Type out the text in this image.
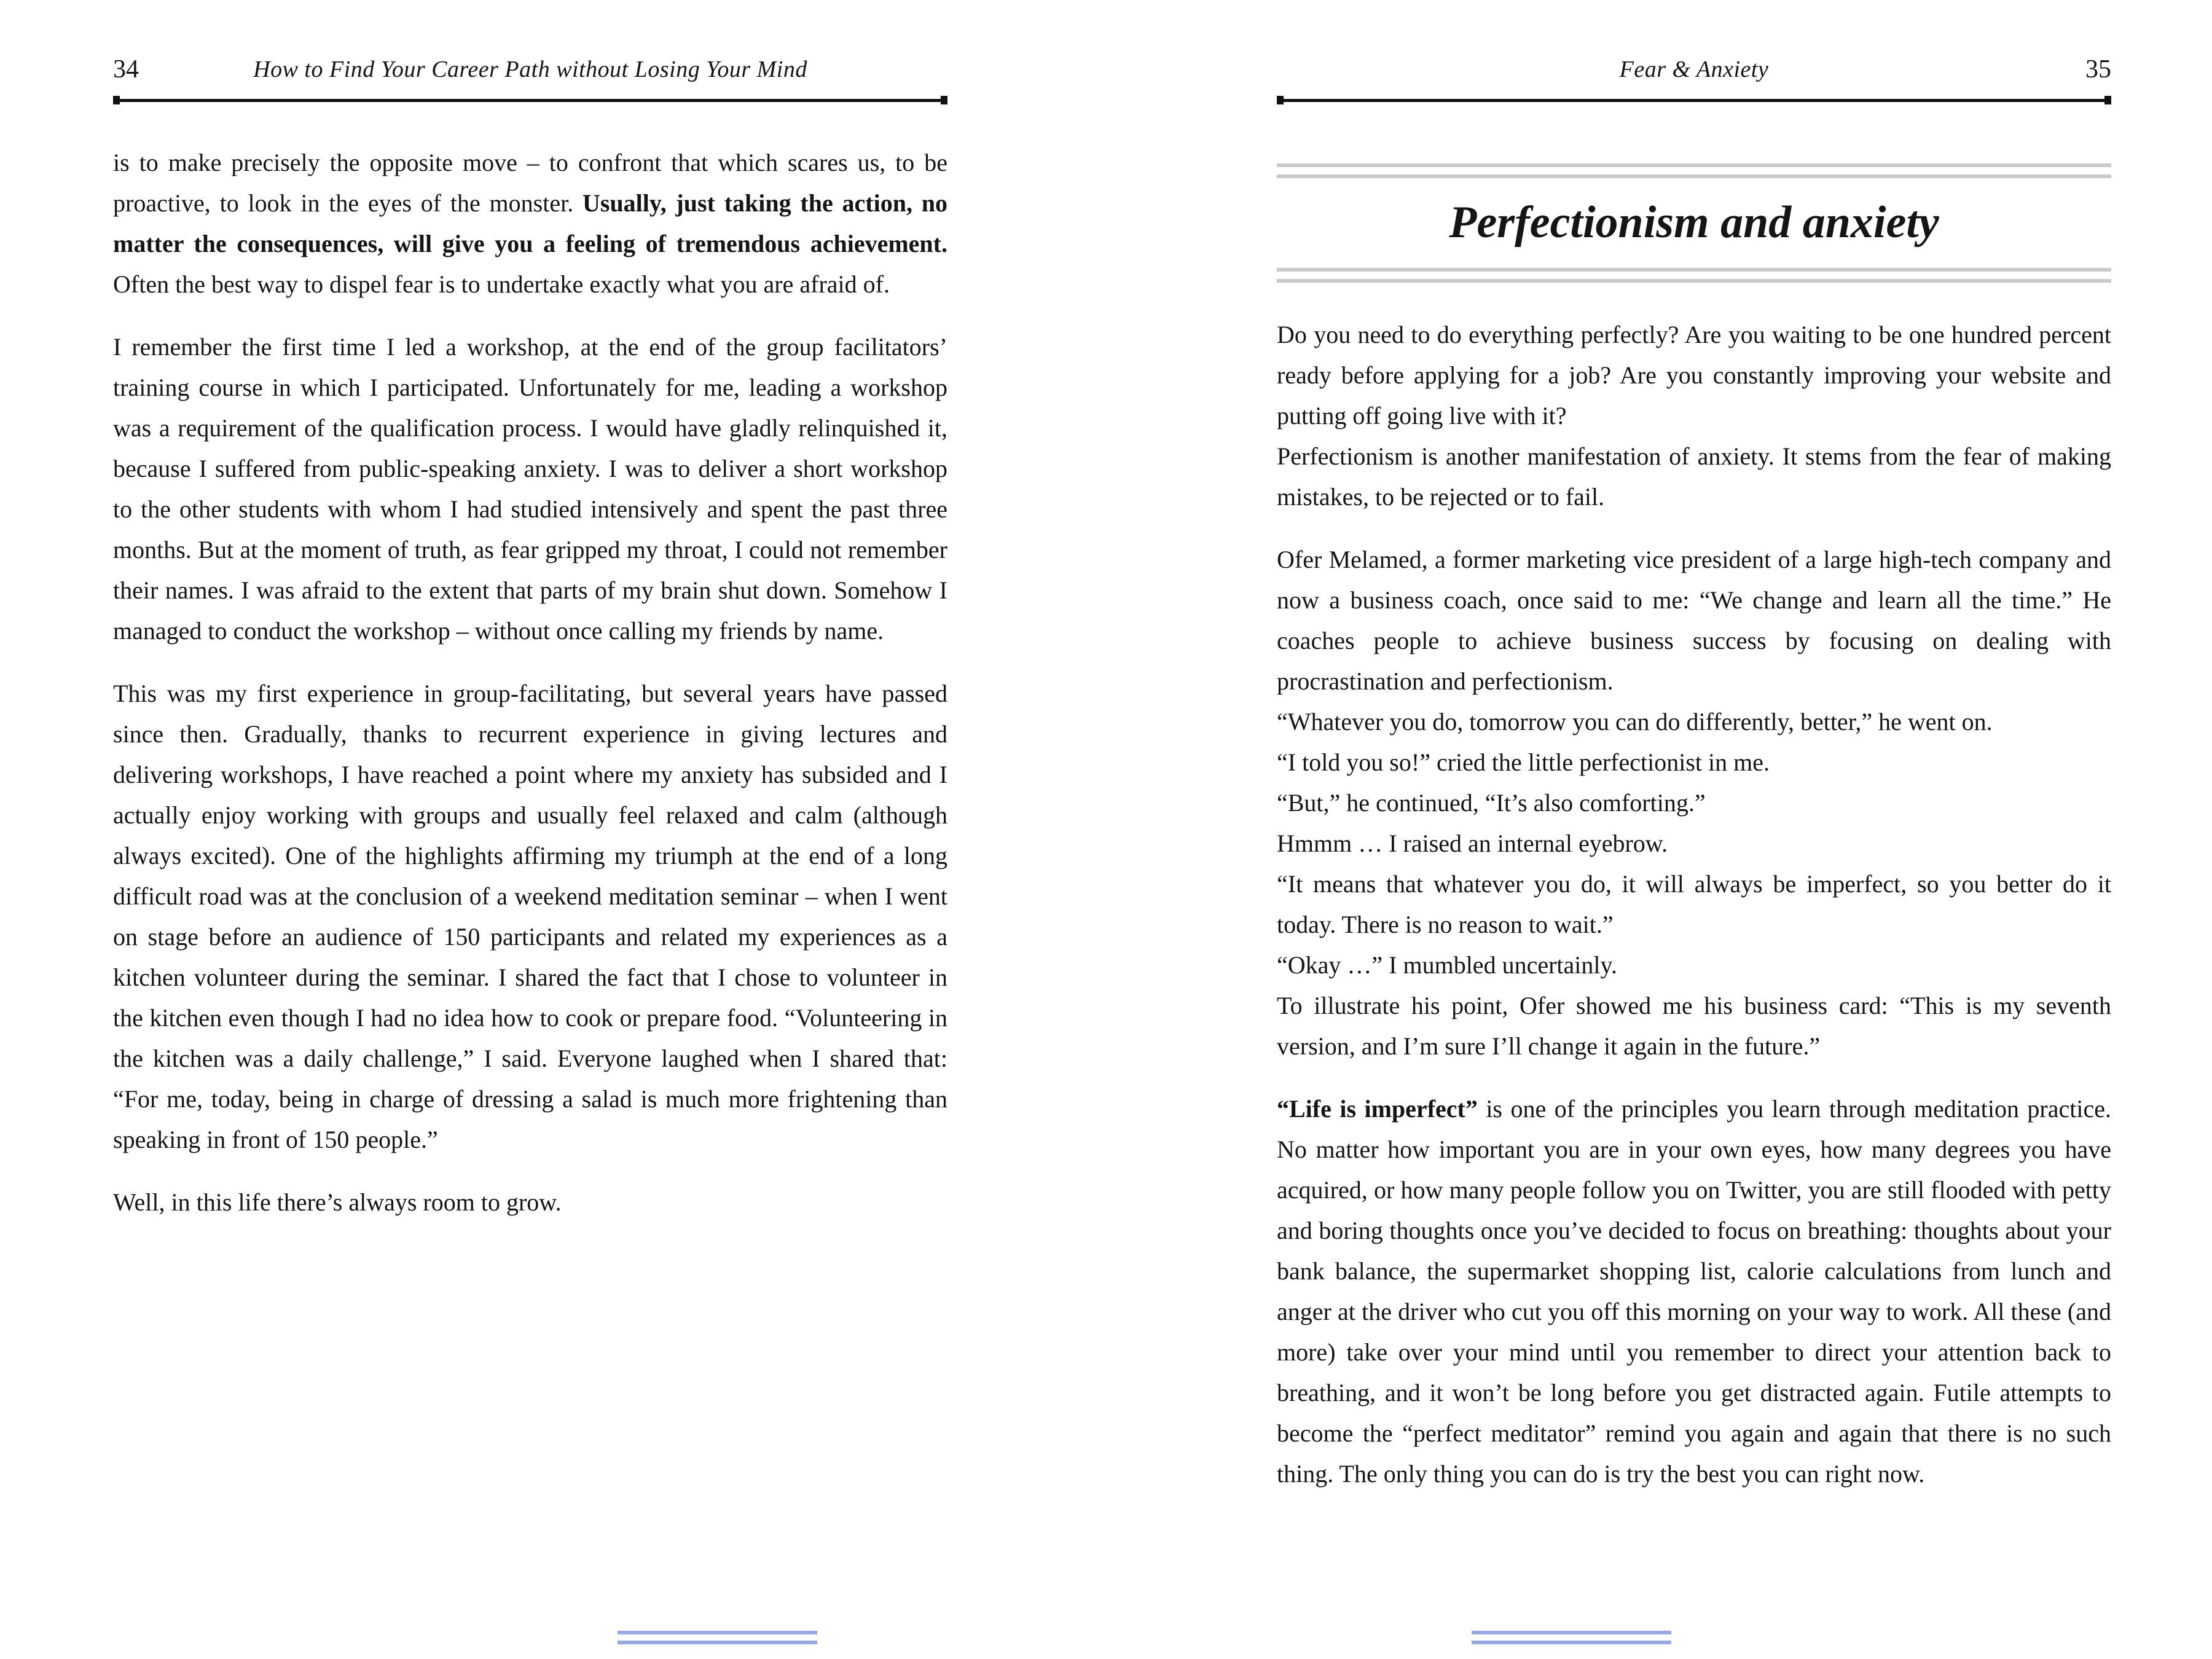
34	How to Find Your Career Path without Losing Your Mind
is to make precisely the opposite move – to confront that which scares us, to be proactive, to look in the eyes of the monster. Usually, just taking the action, no matter the consequences, will give you a feeling of tremendous achievement. Often the best way to dispel fear is to undertake exactly what you are afraid of.
I remember the first time I led a workshop, at the end of the group facilitators’ training course in which I participated. Unfortunately for me, leading a workshop was a requirement of the qualification process. I would have gladly relinquished it, because I suffered from public-speaking anxiety. I was to deliver a short workshop to the other students with whom I had studied intensively and spent the past three months. But at the moment of truth, as fear gripped my throat, I could not remember their names. I was afraid to the extent that parts of my brain shut down. Somehow I managed to conduct the workshop – without once calling my friends by name.
This was my first experience in group-facilitating, but several years have passed since then. Gradually, thanks to recurrent experience in giving lectures and delivering workshops, I have reached a point where my anxiety has subsided and I actually enjoy working with groups and usually feel relaxed and calm (although always excited). One of the highlights affirming my triumph at the end of a long difficult road was at the conclusion of a weekend meditation seminar – when I went on stage before an audience of 150 participants and related my experiences as a kitchen volunteer during the seminar. I shared the fact that I chose to volunteer in the kitchen even though I had no idea how to cook or prepare food. “Volunteering in the kitchen was a daily challenge,” I said. Everyone laughed when I shared that: “For me, today, being in charge of dressing a salad is much more frightening than speaking in front of 150 people.”
Well, in this life there’s always room to grow.
35
Fear & Anxiety
Perfectionism and anxiety
Do you need to do everything perfectly? Are you waiting to be one hundred percent ready before applying for a job? Are you constantly improving your website and putting off going live with it?
Perfectionism is another manifestation of anxiety. It stems from the fear of making mistakes, to be rejected or to fail.
Ofer Melamed, a former marketing vice president of a large high-tech company and now a business coach, once said to me: “We change and learn all the time.” He coaches people to achieve business success by focusing on dealing with procrastination and perfectionism.
“Whatever you do, tomorrow you can do differently, better,” he went on.
“I told you so!” cried the little perfectionist in me.
“But,” he continued, “It’s also comforting.”
Hmmm … I raised an internal eyebrow.
“It means that whatever you do, it will always be imperfect, so you better do it today. There is no reason to wait.”
“Okay …” I mumbled uncertainly.
To illustrate his point, Ofer showed me his business card: “This is my seventh version, and I’m sure I’ll change it again in the future.”
“Life is imperfect” is one of the principles you learn through meditation practice. No matter how important you are in your own eyes, how many degrees you have acquired, or how many people follow you on Twitter, you are still flooded with petty and boring thoughts once you’ve decided to focus on breathing: thoughts about your bank balance, the supermarket shopping list, calorie calculations from lunch and anger at the driver who cut you off this morning on your way to work. All these (and more) take over your mind until you remember to direct your attention back to breathing, and it won’t be long before you get distracted again. Futile attempts to become the “perfect meditator” remind you again and again that there is no such thing. The only thing you can do is try the best you can right now.
